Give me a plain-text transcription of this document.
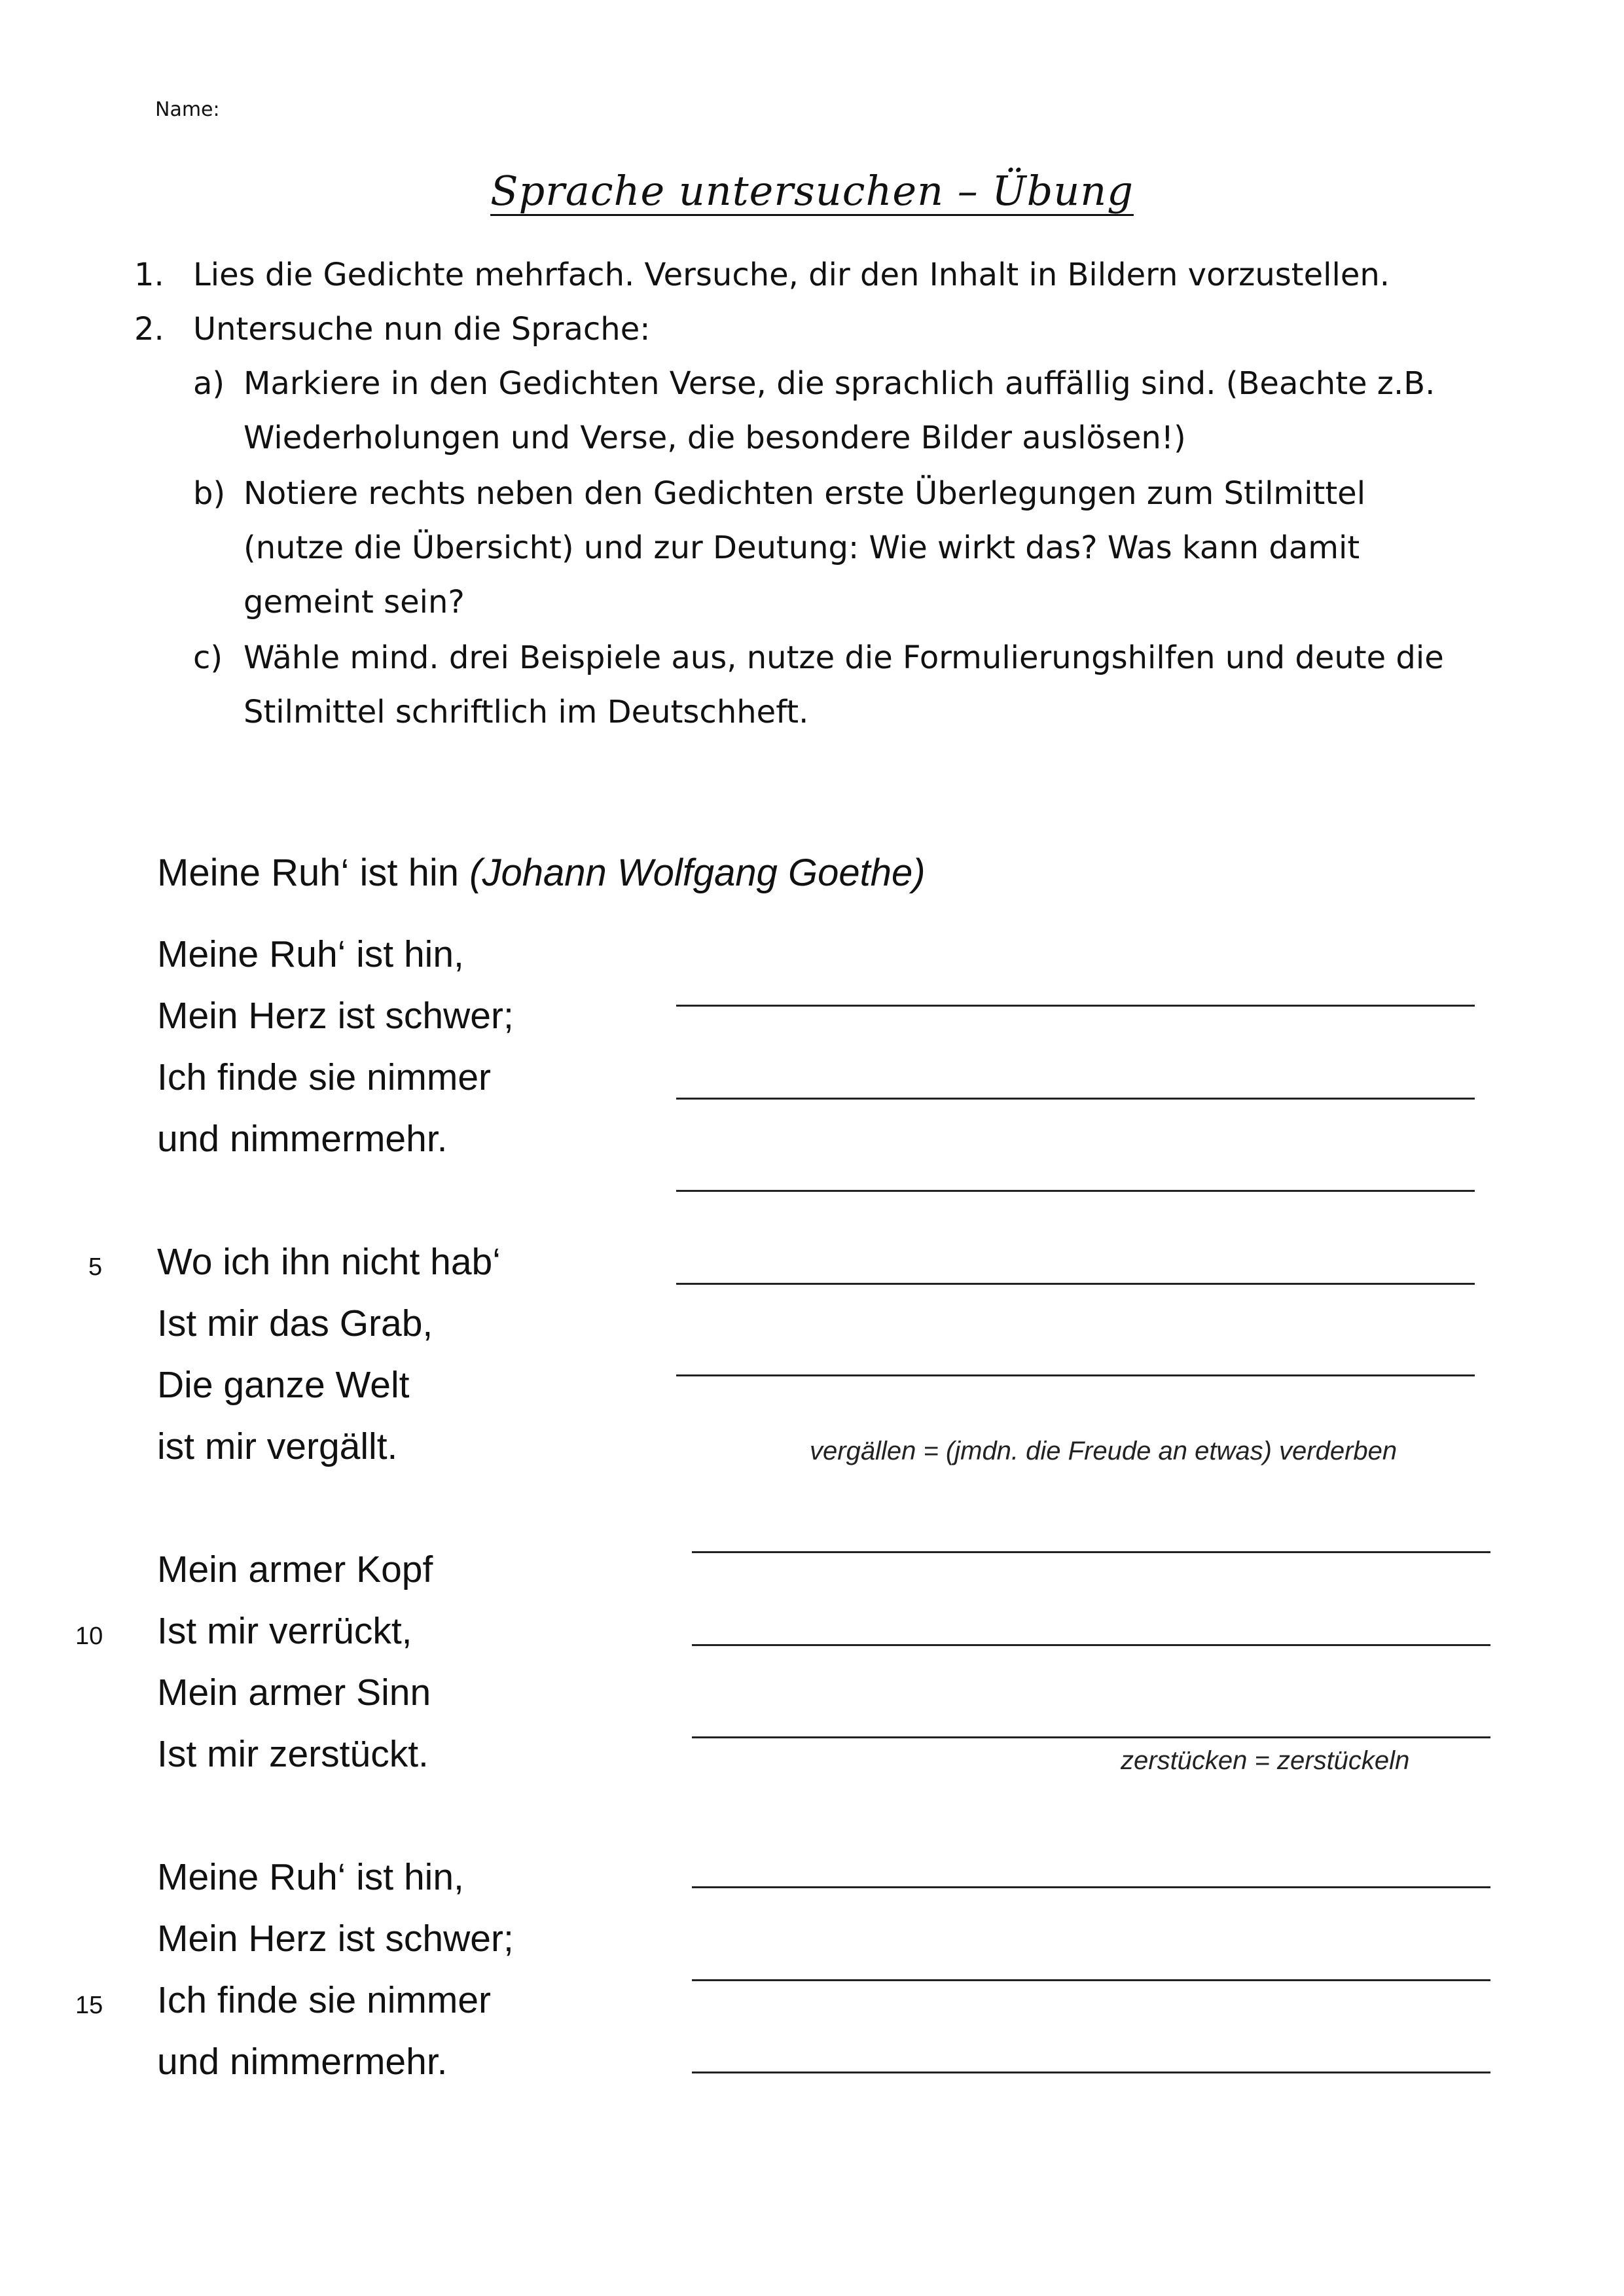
Name:
Sprache untersuchen – Übung
1. Lies die Gedichte mehrfach. Versuche, dir den Inhalt in Bildern vorzustellen.
2. Untersuche nun die Sprache:
a) Markiere in den Gedichten Verse, die sprachlich auffällig sind. (Beachte z.B.
Wiederholungen und Verse, die besondere Bilder auslösen!)
b) Notiere rechts neben den Gedichten erste Überlegungen zum Stilmittel
(nutze die Übersicht) und zur Deutung: Wie wirkt das? Was kann damit
gemeint sein?
c) Wähle mind. drei Beispiele aus, nutze die Formulierungshilfen und deute die
Stilmittel schriftlich im Deutschheft.
Meine Ruh‘ ist hin (Johann Wolfgang Goethe)
Meine Ruh‘ ist hin,
Mein Herz ist schwer;
Ich finde sie nimmer
und nimmermehr.
5 Wo ich ihn nicht hab‘
Ist mir das Grab,
Die ganze Welt
ist mir vergällt.
Mein armer Kopf
10 Ist mir verrückt,
Mein armer Sinn
Ist mir zerstückt.
Meine Ruh‘ ist hin,
Mein Herz ist schwer;
15 Ich finde sie nimmer
und nimmermehr.
vergällen = (jmdn. die Freude an etwas) verderben
zerstücken = zerstückeln
